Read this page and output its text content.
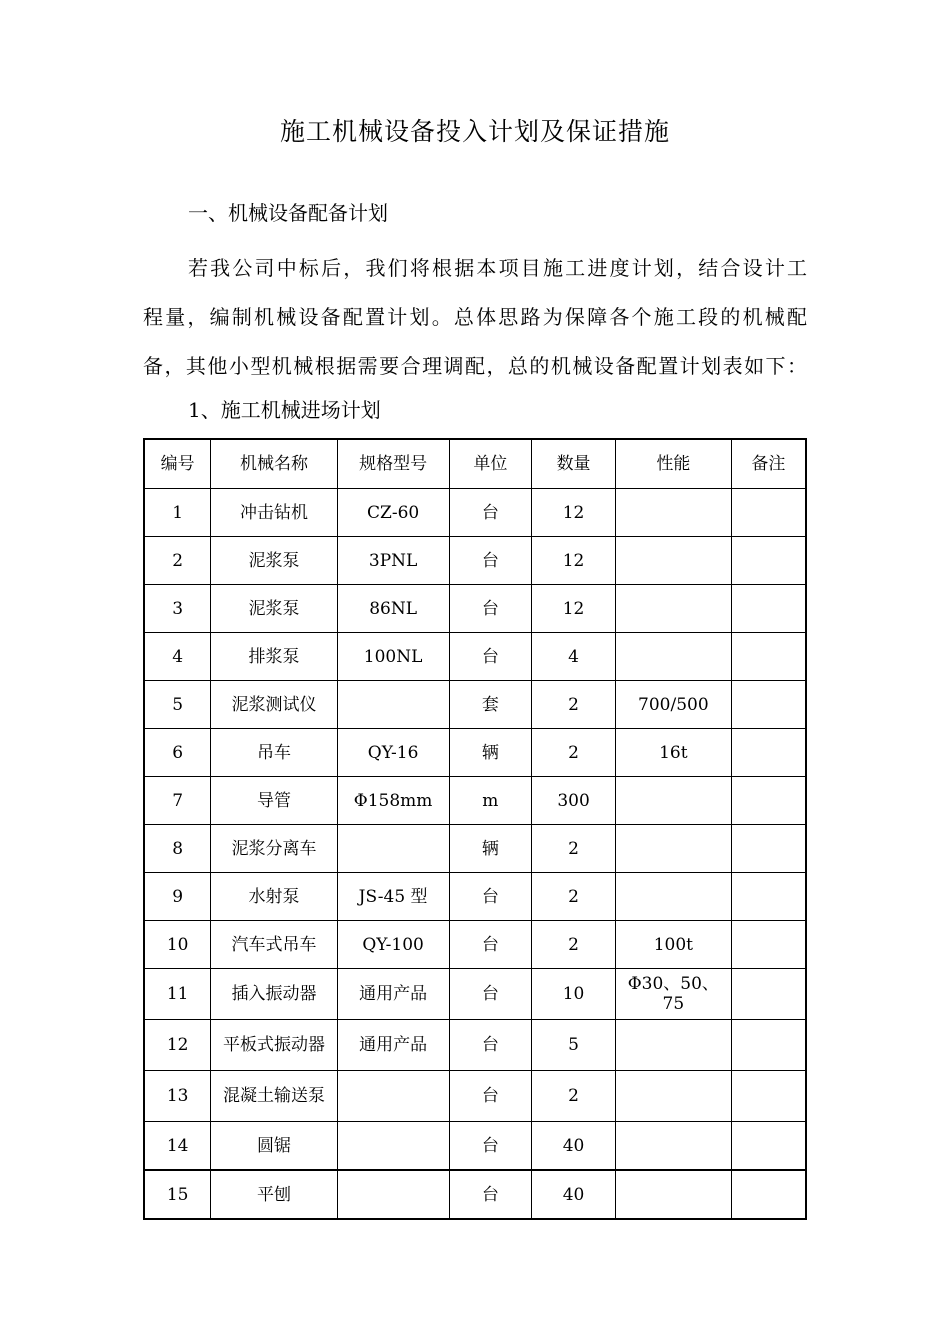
施工机械设备投入计划及保证措施
一、机械设备配备计划
若我公司中标后，我们将根据本项目施工进度计划，结合设计工
程量，编制机械设备配置计划。总体思路为保障各个施工段的机械配
备，其他小型机械根据需要合理调配，总的机械设备配置计划表如下：
1、施工机械进场计划
编号	机械名称	规格型号	单位	数量	性能	备注
1	冲击钻机	CZ-60	台	12		
2	泥浆泵	3PNL	台	12		
3	泥浆泵	86NL	台	12		
4	排浆泵	100NL	台	4		
5	泥浆测试仪		套	2	700/500	
6	吊车	QY-16	辆	2	16t	
7	导管	Φ158mm	m	300		
8	泥浆分离车		辆	2		
9	水射泵	JS-45 型	台	2		
10	汽车式吊车	QY-100	台	2	100t	
11	插入振动器	通用产品	台	10	Φ30、50、75	
12	平板式振动器	通用产品	台	5		
13	混凝土输送泵		台	2		
14	圆锯		台	40		
15	平刨		台	40		
